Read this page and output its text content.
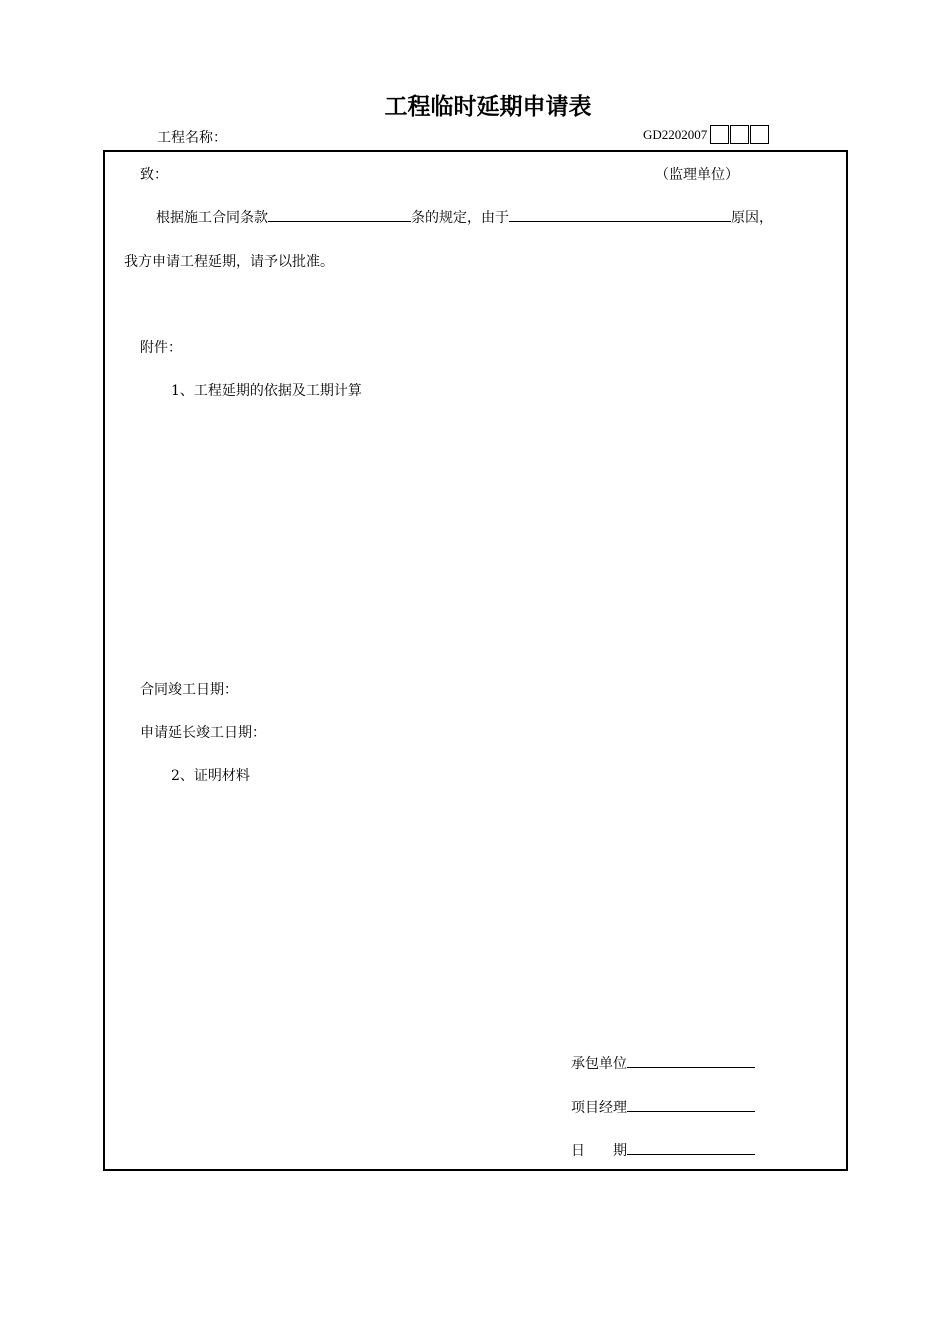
工程临时延期申请表
工程名称：	GD2202007
致：	（监理单位）
根据施工合同条款	条的规定，由于	原因，
我方申请工程延期，请予以批准。
附件：
1、工程延期的依据及工期计算
合同竣工日期：
申请延长竣工日期：
2、证明材料
承包单位
项目经理
日　　期
